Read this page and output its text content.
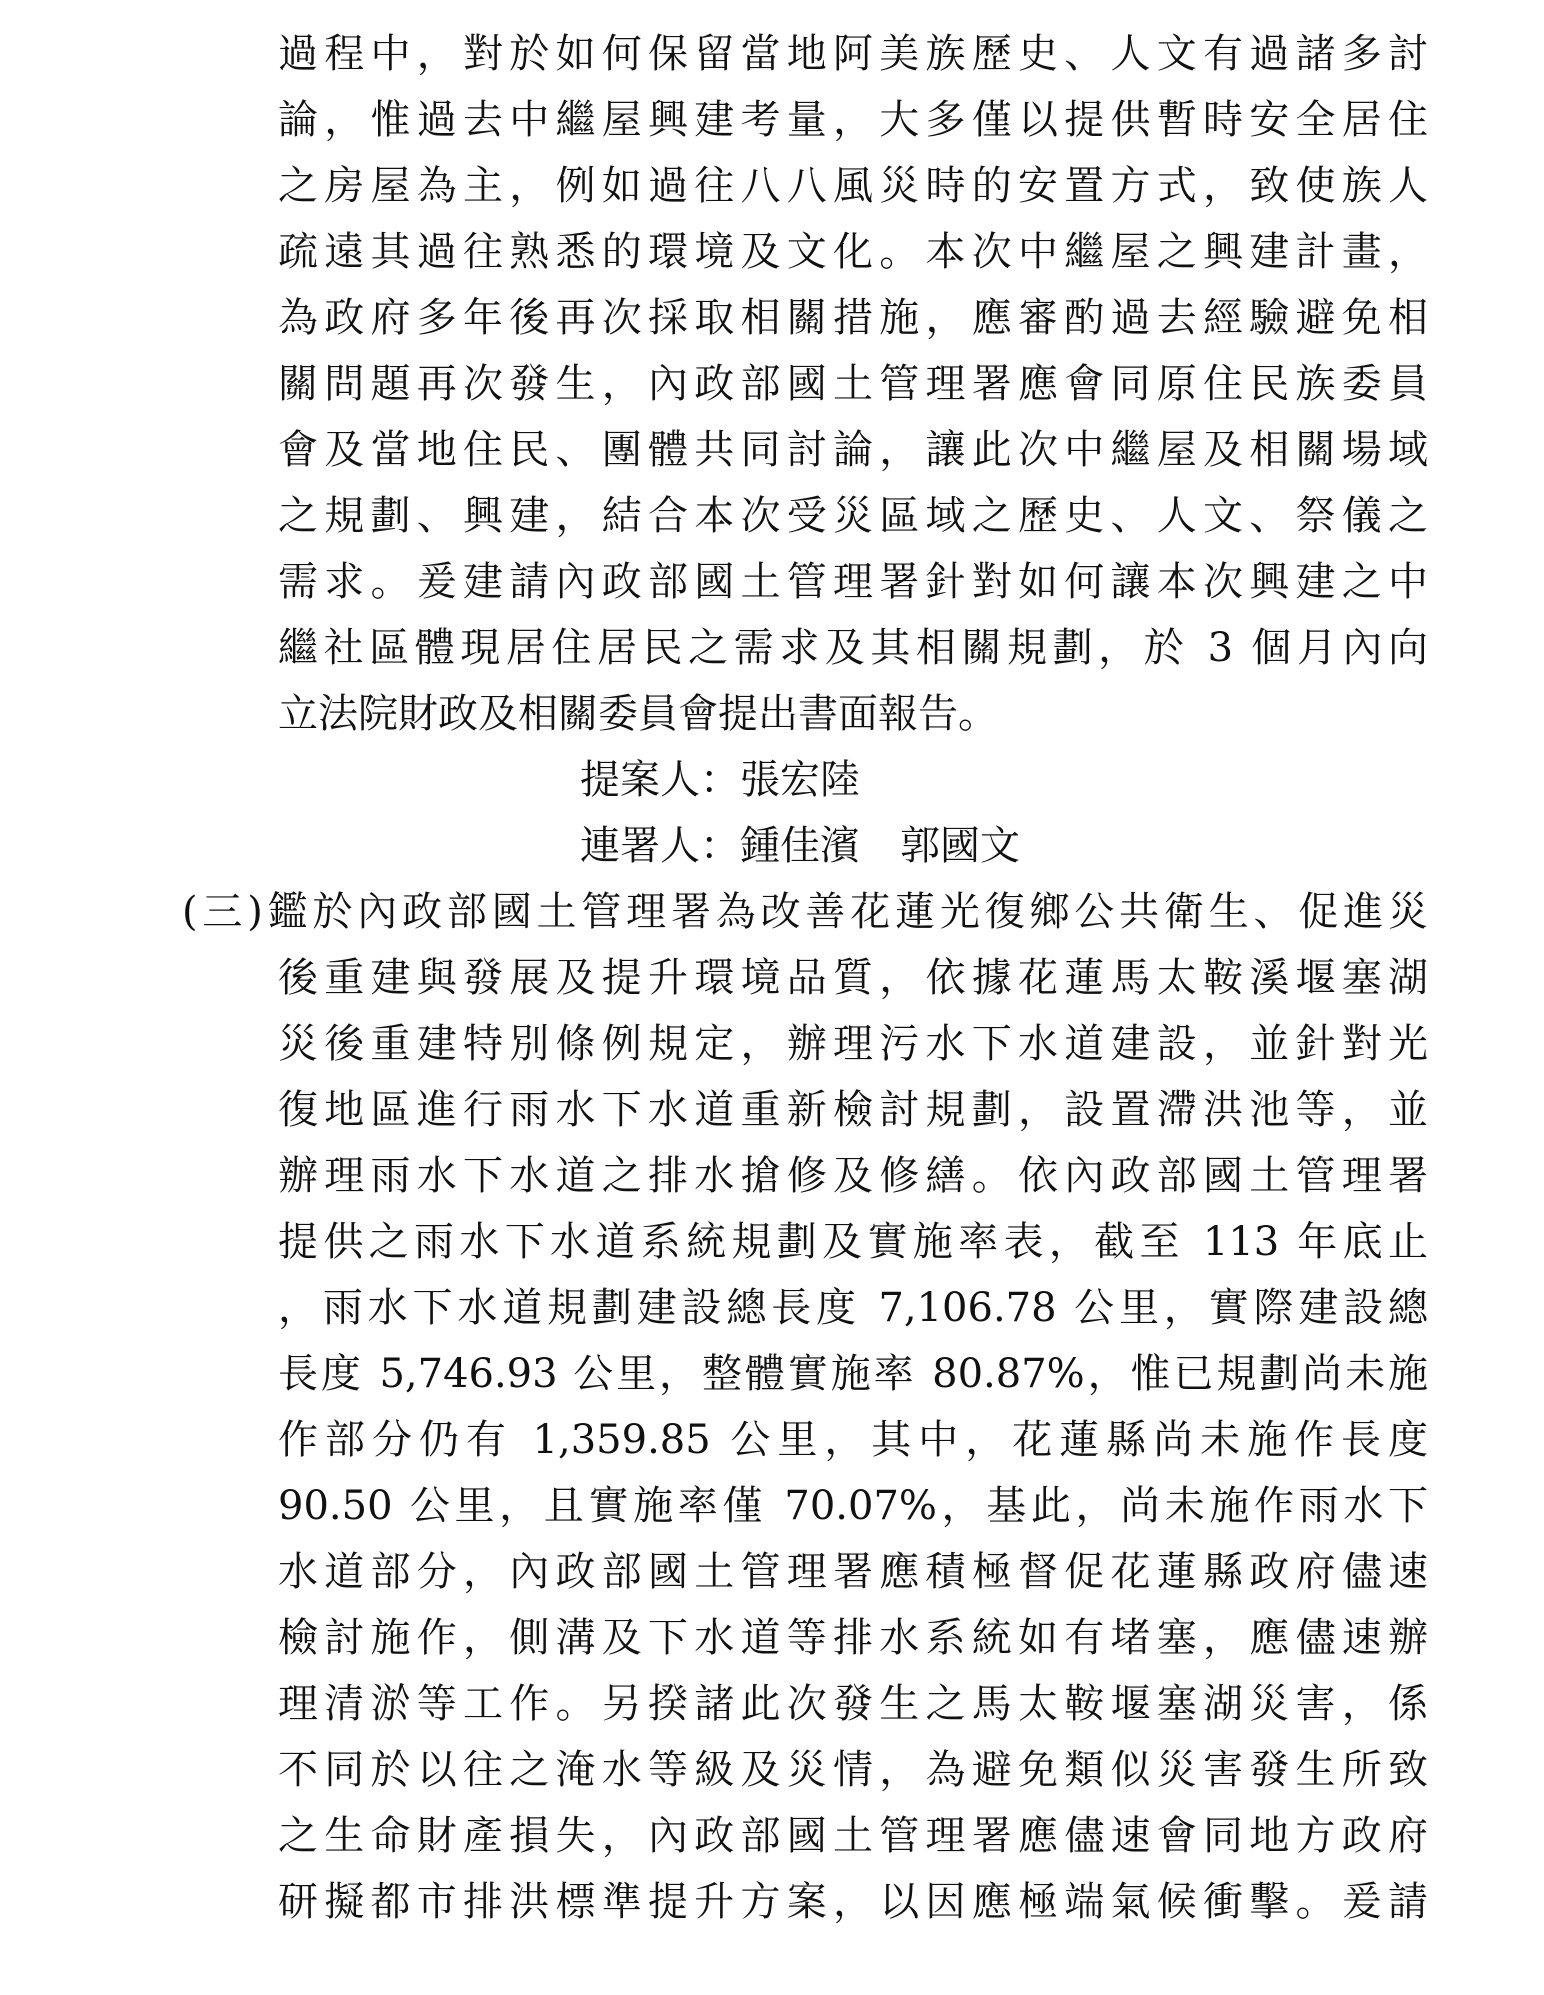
過程中，對於如何保留當地阿美族歷史、人文有過諸多討
論，惟過去中繼屋興建考量，大多僅以提供暫時安全居住
之房屋為主，例如過往八八風災時的安置方式，致使族人
疏遠其過往熟悉的環境及文化。本次中繼屋之興建計畫，
為政府多年後再次採取相關措施，應審酌過去經驗避免相
關問題再次發生，內政部國土管理署應會同原住民族委員
會及當地住民、團體共同討論，讓此次中繼屋及相關場域
之規劃、興建，結合本次受災區域之歷史、人文、祭儀之
需求。爰建請內政部國土管理署針對如何讓本次興建之中
繼社區體現居住居民之需求及其相關規劃，於 3 個月內向
立法院財政及相關委員會提出書面報告。
提案人：張宏陸
連署人：鍾佳濱　郭國文
(三)鑑於內政部國土管理署為改善花蓮光復鄉公共衛生、促進災
後重建與發展及提升環境品質，依據花蓮馬太鞍溪堰塞湖
災後重建特別條例規定，辦理污水下水道建設，並針對光
復地區進行雨水下水道重新檢討規劃，設置滯洪池等，並
辦理雨水下水道之排水搶修及修繕。依內政部國土管理署
提供之雨水下水道系統規劃及實施率表，截至 113 年底止
，雨水下水道規劃建設總長度 7,106.78 公里，實際建設總
長度 5,746.93 公里，整體實施率 80.87%，惟已規劃尚未施
作部分仍有 1,359.85 公里，其中，花蓮縣尚未施作長度
90.50 公里，且實施率僅 70.07%，基此，尚未施作雨水下
水道部分，內政部國土管理署應積極督促花蓮縣政府儘速
檢討施作，側溝及下水道等排水系統如有堵塞，應儘速辦
理清淤等工作。另揆諸此次發生之馬太鞍堰塞湖災害，係
不同於以往之淹水等級及災情，為避免類似災害發生所致
之生命財產損失，內政部國土管理署應儘速會同地方政府
研擬都市排洪標準提升方案，以因應極端氣候衝擊。爰請
